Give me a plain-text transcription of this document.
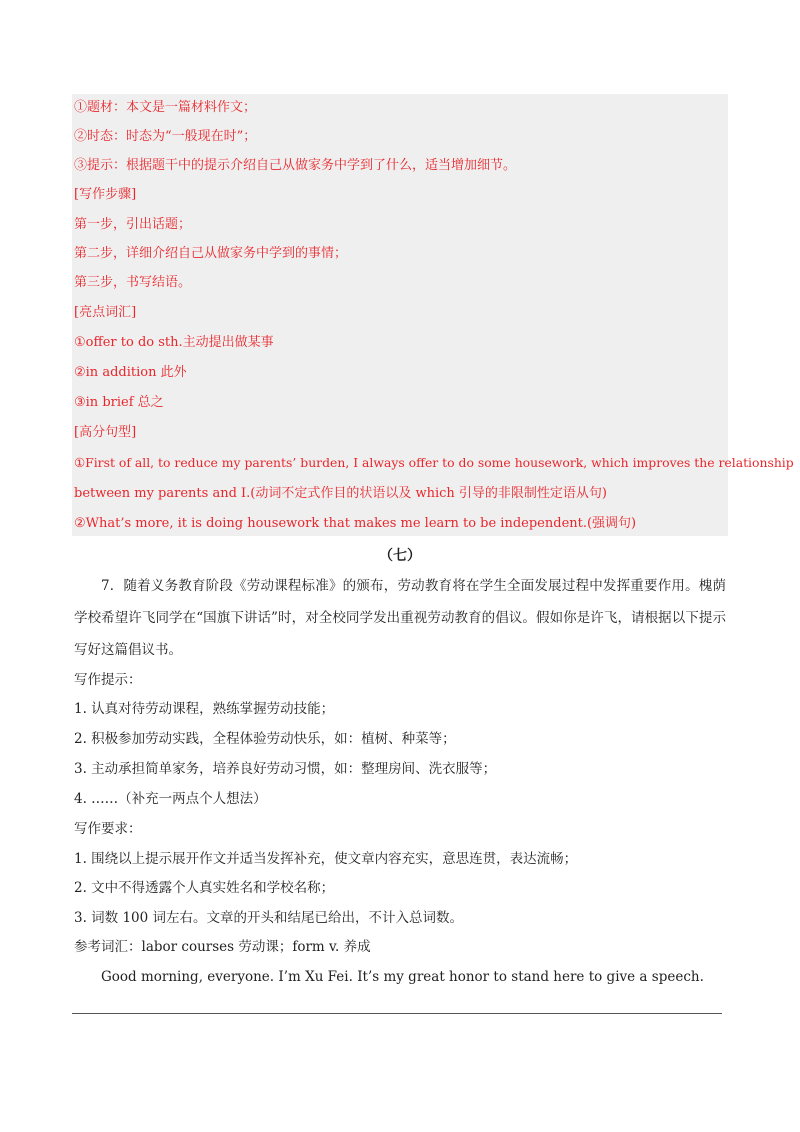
①题材：本文是一篇材料作文；

②时态：时态为“一般现在时”；

③提示：根据题干中的提示介绍自己从做家务中学到了什么，适当增加细节。

[写作步骤]

第一步，引出话题；

第二步，详细介绍自己从做家务中学到的事情；

第三步，书写结语。

[亮点词汇]

①offer to do sth.主动提出做某事

②in addition 此外

③in brief 总之

[高分句型]

①First of all, to reduce my parents’ burden, I always offer to do some housework, which improves the relationship

between my parents and I.(动词不定式作目的状语以及 which 引导的非限制性定语从句)

②What’s more, it is doing housework that makes me learn to be independent.(强调句)

（七）

7．随着义务教育阶段《劳动课程标准》的颁布，劳动教育将在学生全面发展过程中发挥重要作用。槐荫学校希望许飞同学在“国旗下讲话”时，对全校同学发出重视劳动教育的倡议。假如你是许飞，请根据以下提示写好这篇倡议书。

写作提示：

1. 认真对待劳动课程，熟练掌握劳动技能；

2. 积极参加劳动实践，全程体验劳动快乐，如：植树、种菜等；

3. 主动承担简单家务，培养良好劳动习惯，如：整理房间、洗衣服等；

4. ……（补充一两点个人想法）

写作要求：

1. 围绕以上提示展开作文并适当发挥补充，使文章内容充实，意思连贯，表达流畅；

2. 文中不得透露个人真实姓名和学校名称；

3. 词数 100 词左右。文章的开头和结尾已给出，不计入总词数。

参考词汇：labor courses 劳动课；form v. 养成

Good morning, everyone. I’m Xu Fei. It’s my great honor to stand here to give a speech.
